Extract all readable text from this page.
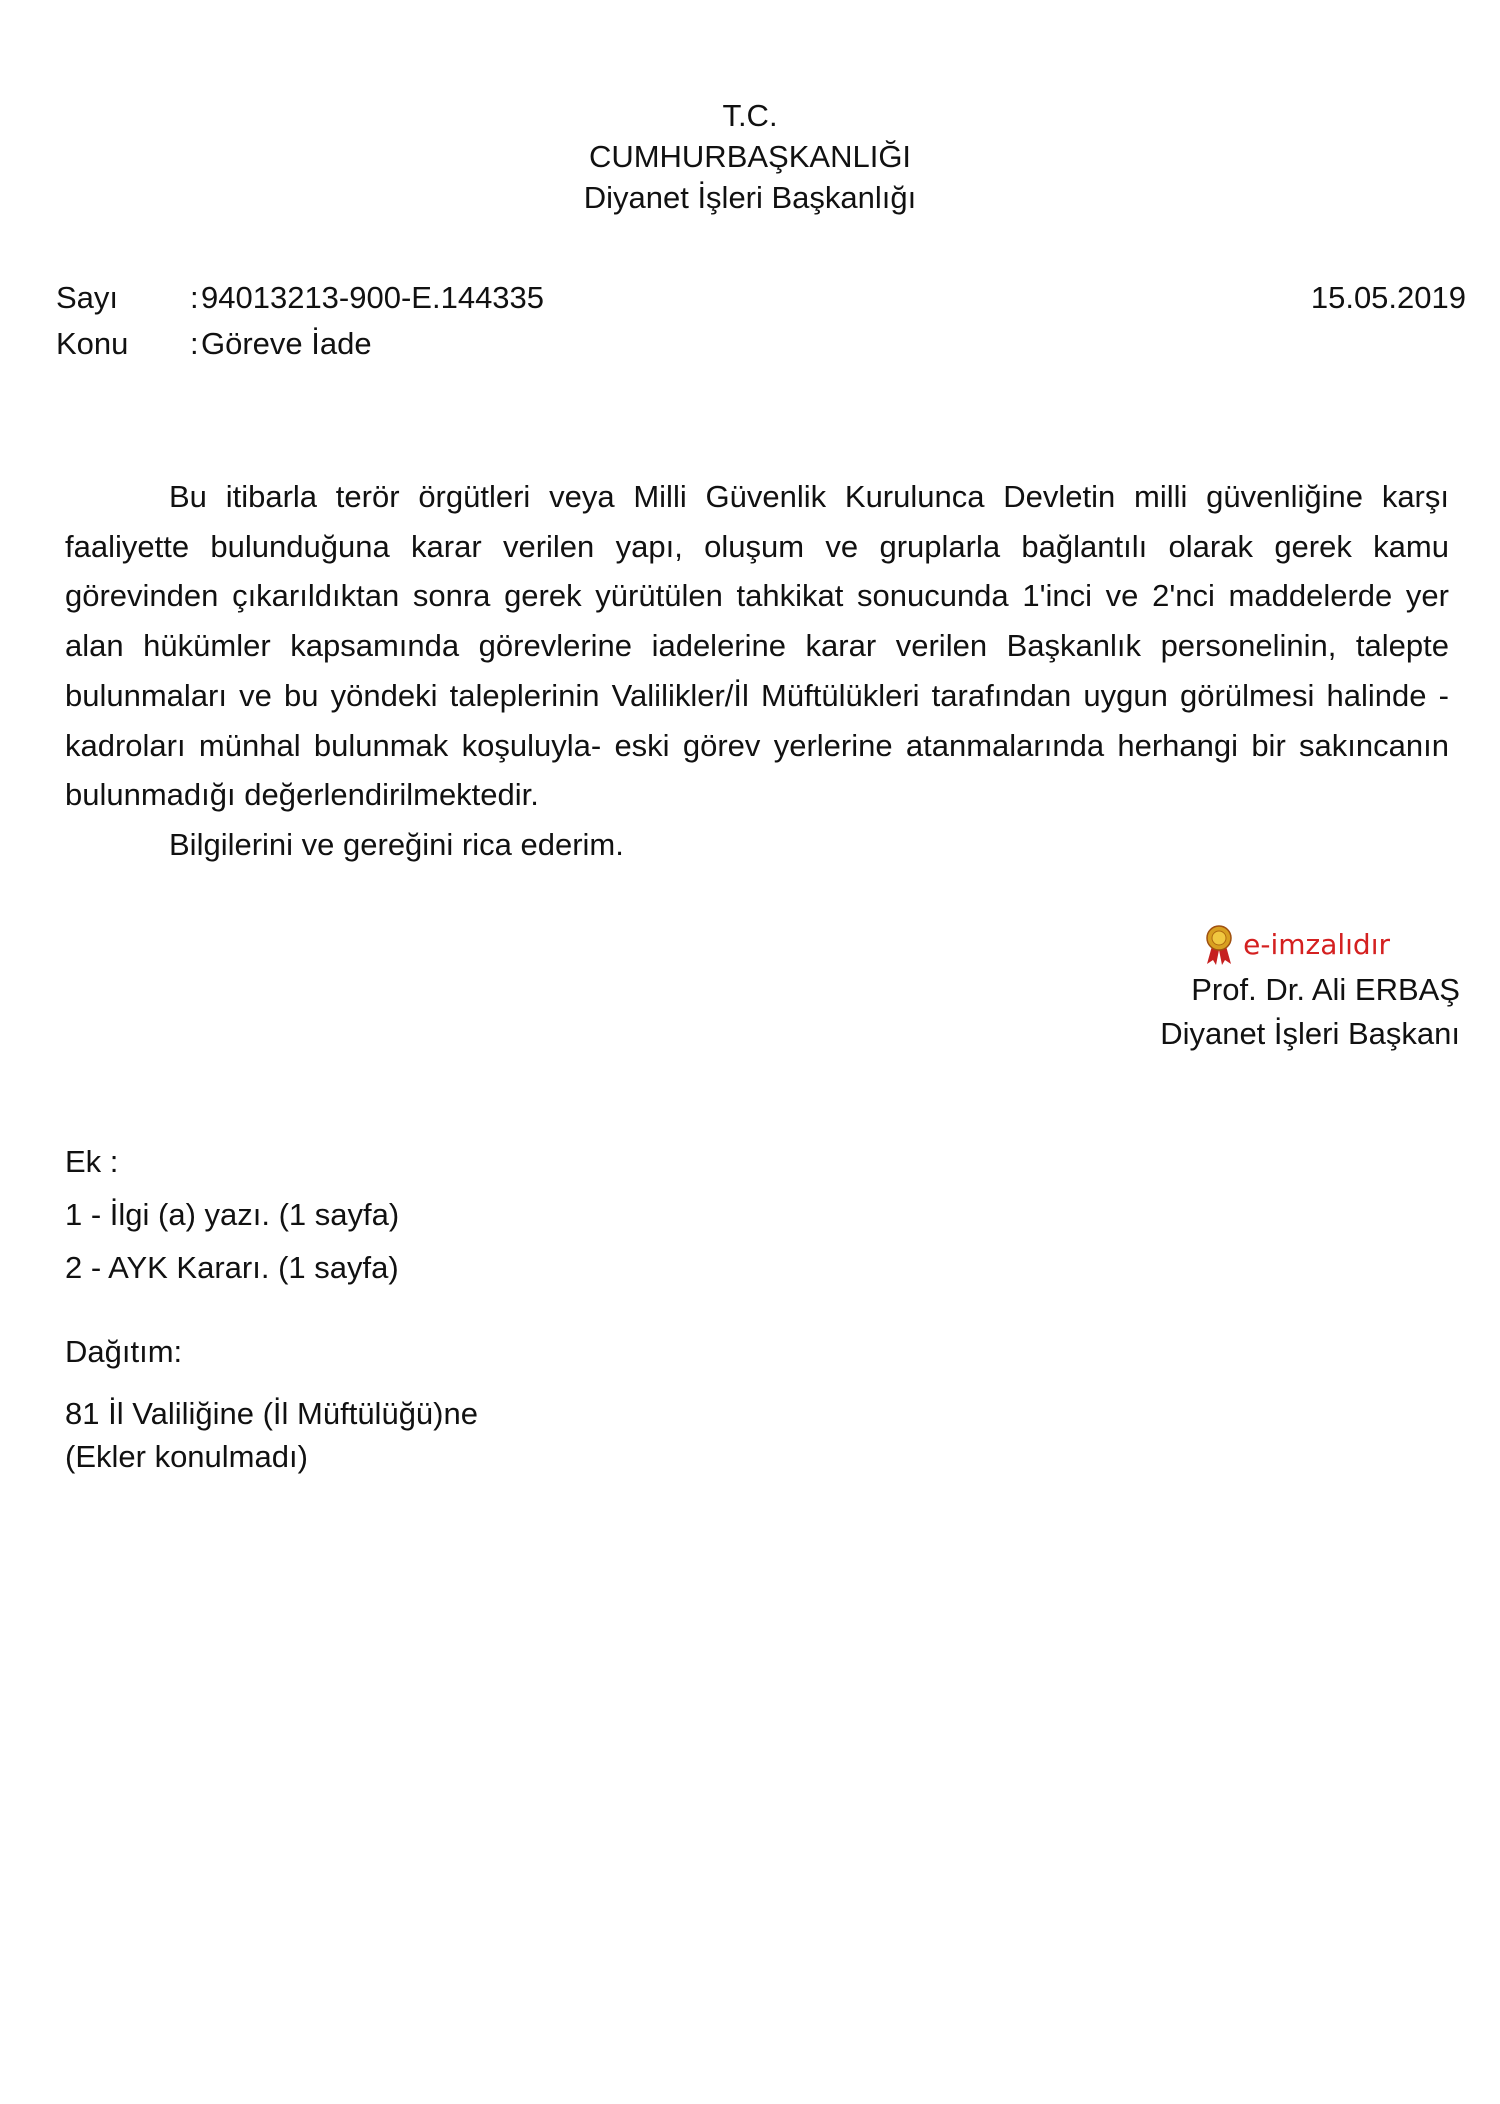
T.C.
CUMHURBAŞKANLIĞI
Diyanet İşleri Başkanlığı
Sayı : 94013213-900-E.144335	15.05.2019
Konu : Göreve İade

Bu itibarla terör örgütleri veya Milli Güvenlik Kurulunca Devletin milli güvenliğine karşı faaliyette bulunduğuna karar verilen yapı, oluşum ve gruplarla bağlantılı olarak gerek kamu görevinden çıkarıldıktan sonra gerek yürütülen tahkikat sonucunda 1'inci ve 2'nci maddelerde yer alan hükümler kapsamında görevlerine iadelerine karar verilen Başkanlık personelinin, talepte bulunmaları ve bu yöndeki taleplerinin Valilikler/İl Müftülükleri tarafından uygun görülmesi halinde -kadroları münhal bulunmak koşuluyla- eski görev yerlerine atanmalarında herhangi bir sakıncanın bulunmadığı değerlendirilmektedir.

Bilgilerini ve gereğini rica ederim.

e-imzalıdır
Prof. Dr. Ali ERBAŞ
Diyanet İşleri Başkanı
Ek :
1 - İlgi (a) yazı. (1 sayfa)
2 - AYK Kararı. (1 sayfa)
Dağıtım:
81 İl Valiliğine (İl Müftülüğü)ne
(Ekler konulmadı)
